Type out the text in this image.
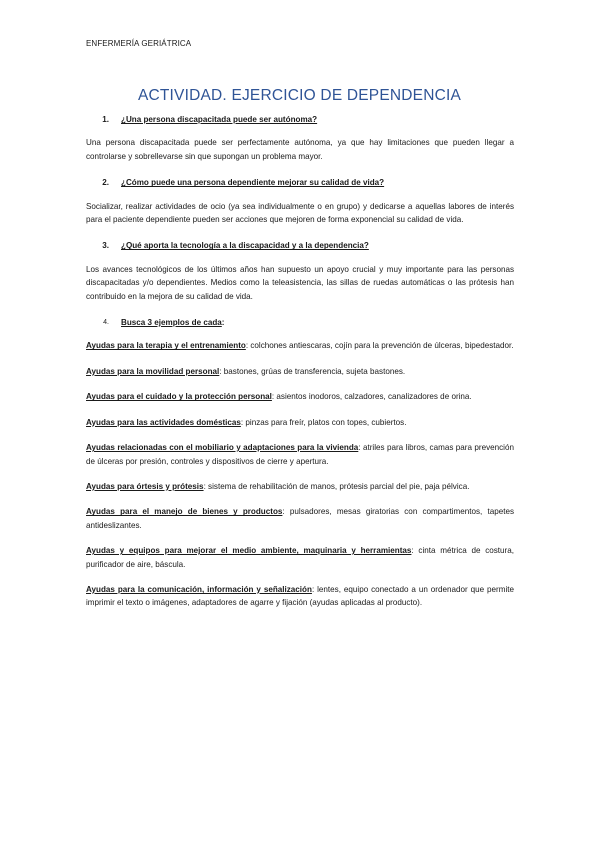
ENFERMERÍA GERIÁTRICA
ACTIVIDAD. EJERCICIO DE DEPENDENCIA
1.	¿Una persona discapacitada puede ser autónoma?

Una persona discapacitada puede ser perfectamente autónoma, ya que hay limitaciones que pueden llegar a controlarse y sobrellevarse sin que supongan un problema mayor.

2.	¿Cómo puede una persona dependiente mejorar su calidad de vida?

Socializar, realizar actividades de ocio (ya sea individualmente o en grupo) y dedicarse a aquellas labores de interés para el paciente dependiente pueden ser acciones que mejoren de forma exponencial su calidad de vida.

3.	¿Qué aporta la tecnología a la discapacidad y a la dependencia?

Los avances tecnológicos de los últimos años han supuesto un apoyo crucial y muy importante para las personas discapacitadas y/o dependientes. Medios como la teleasistencia, las sillas de ruedas automáticas o las prótesis han contribuido en la mejora de su calidad de vida.

4.	Busca 3 ejemplos de cada:

Ayudas para la terapia y el entrenamiento: colchones antiescaras, cojín para la prevención de úlceras, bipedestador.

Ayudas para la movilidad personal: bastones, grúas de transferencia, sujeta bastones.

Ayudas para el cuidado y la protección personal: asientos inodoros, calzadores, canalizadores de orina.

Ayudas para las actividades domésticas: pinzas para freír, platos con topes, cubiertos.

Ayudas relacionadas con el mobiliario y adaptaciones para la vivienda: atriles para libros, camas para prevención de úlceras por presión, controles y dispositivos de cierre y apertura.

Ayudas para órtesis y prótesis: sistema de rehabilitación de manos, prótesis parcial del pie, paja pélvica.

Ayudas para el manejo de bienes y productos: pulsadores, mesas giratorias con compartimentos, tapetes antideslizantes.

Ayudas y equipos para mejorar el medio ambiente, maquinaria y herramientas: cinta métrica de costura, purificador de aire, báscula.

Ayudas para la comunicación, información y señalización: lentes, equipo conectado a un ordenador que permite imprimir el texto o imágenes, adaptadores de agarre y fijación (ayudas aplicadas al producto).
